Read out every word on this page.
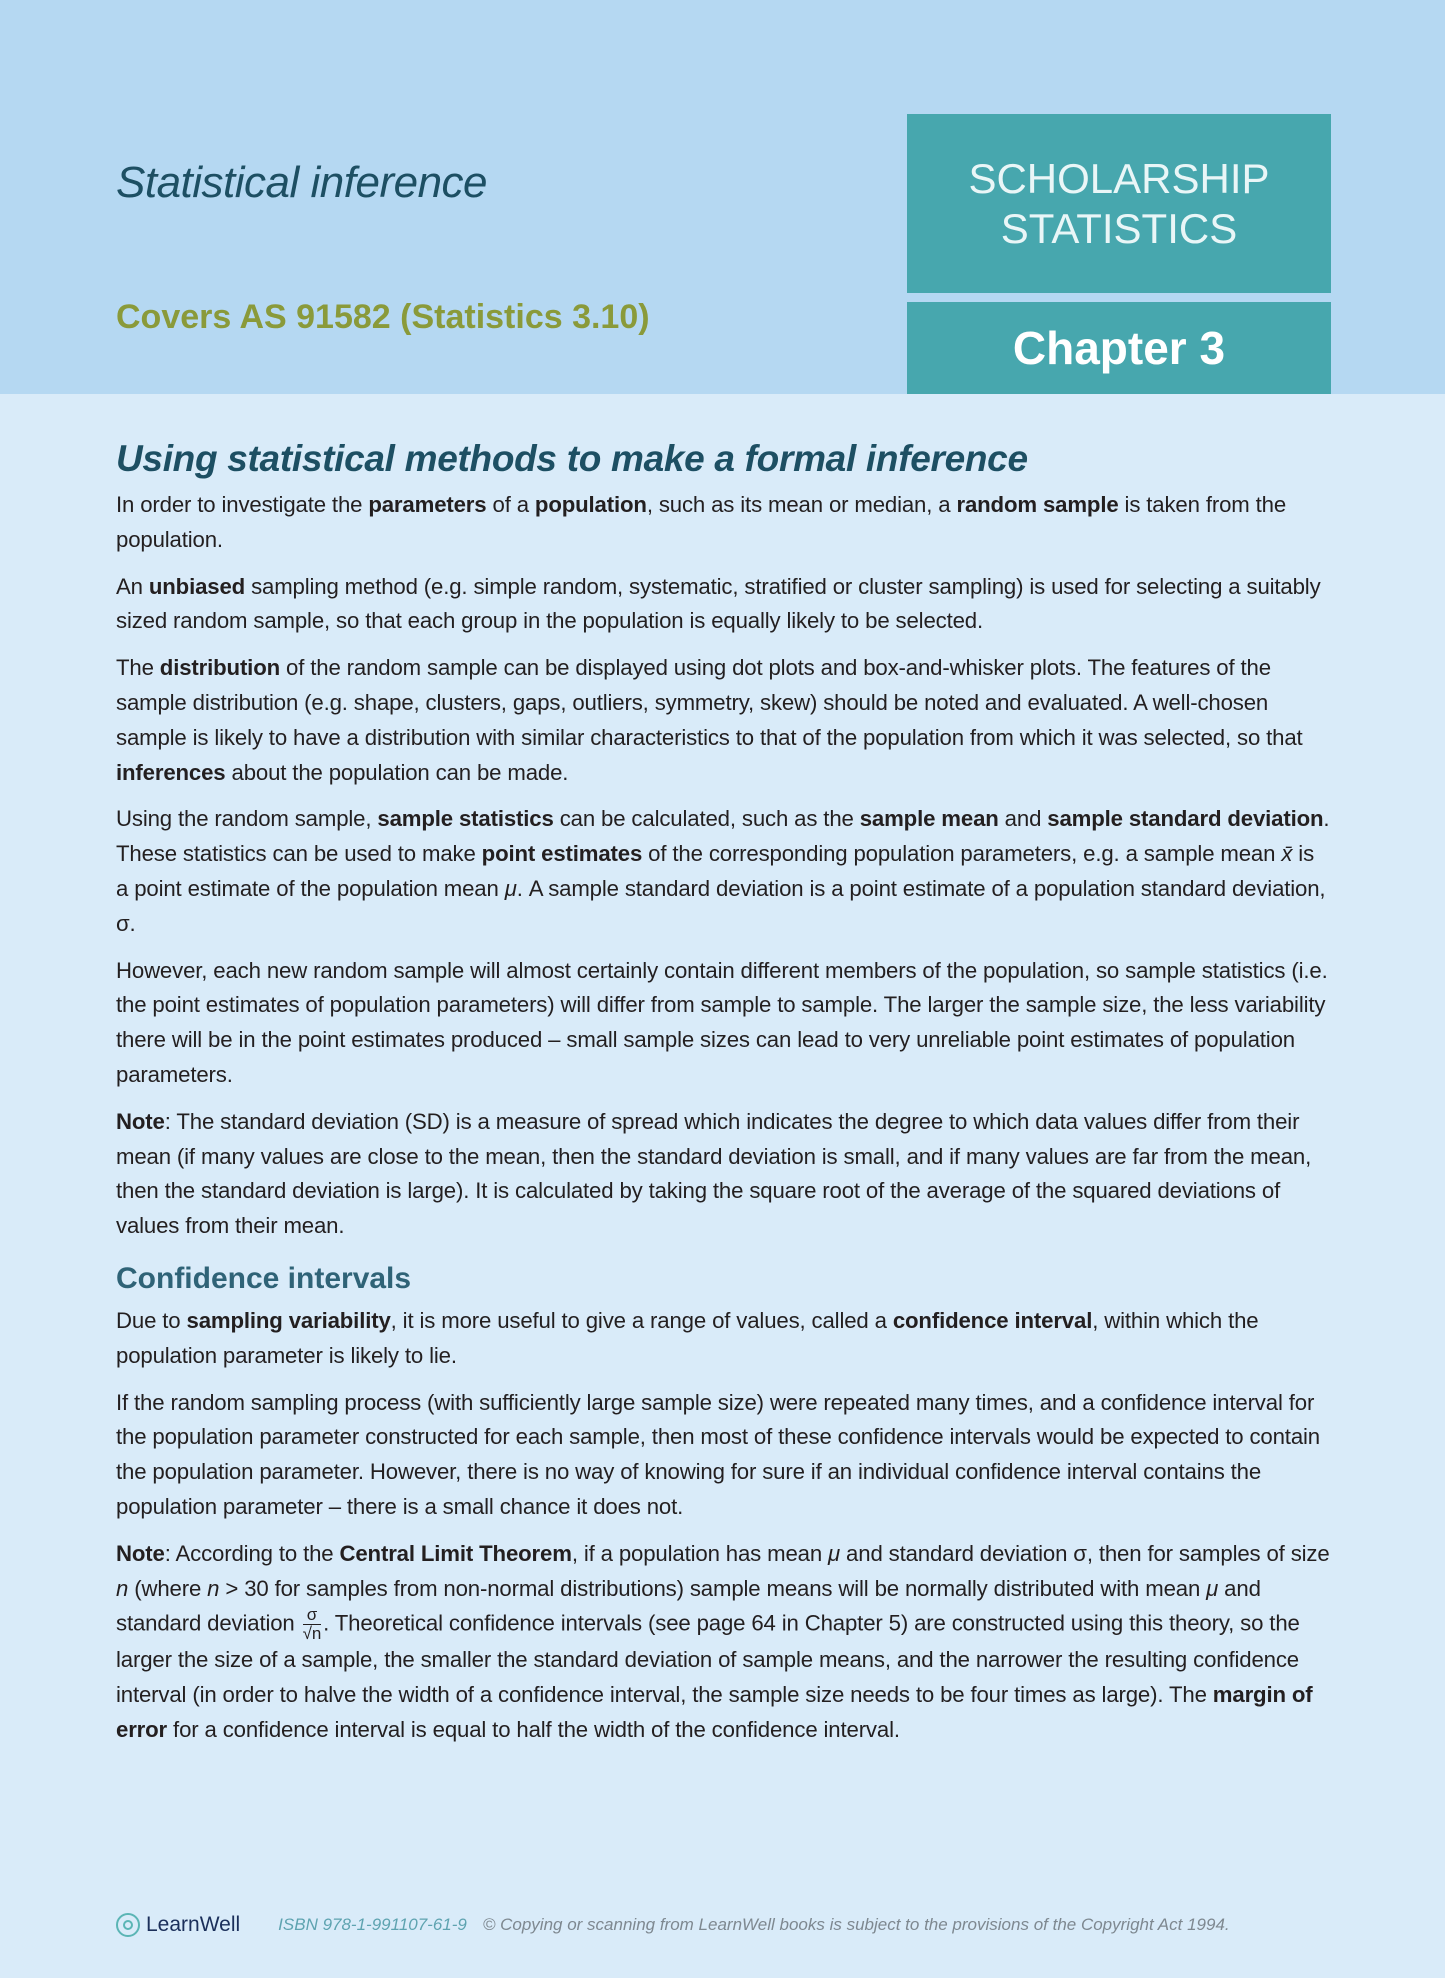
Statistical inference
Covers AS 91582 (Statistics 3.10)
SCHOLARSHIP
STATISTICS
Chapter 3
Using statistical methods to make a formal inference

In order to investigate the parameters of a population, such as its mean or median, a random sample is taken from the population.

An unbiased sampling method (e.g. simple random, systematic, stratified or cluster sampling) is used for selecting a suitably sized random sample, so that each group in the population is equally likely to be selected.

The distribution of the random sample can be displayed using dot plots and box-and-whisker plots. The features of the sample distribution (e.g. shape, clusters, gaps, outliers, symmetry, skew) should be noted and evaluated. A well-chosen sample is likely to have a distribution with similar characteristics to that of the population from which it was selected, so that inferences about the population can be made.

Using the random sample, sample statistics can be calculated, such as the sample mean and sample standard deviation. These statistics can be used to make point estimates of the corresponding population parameters, e.g. a sample mean x̄ is a point estimate of the population mean μ. A sample standard deviation is a point estimate of a population standard deviation, σ.

However, each new random sample will almost certainly contain different members of the population, so sample statistics (i.e. the point estimates of population parameters) will differ from sample to sample. The larger the sample size, the less variability there will be in the point estimates produced – small sample sizes can lead to very unreliable point estimates of population parameters.

Note: The standard deviation (SD) is a measure of spread which indicates the degree to which data values differ from their mean (if many values are close to the mean, then the standard deviation is small, and if many values are far from the mean, then the standard deviation is large). It is calculated by taking the square root of the average of the squared deviations of values from their mean.

Confidence intervals

Due to sampling variability, it is more useful to give a range of values, called a confidence interval, within which the population parameter is likely to lie.

If the random sampling process (with sufficiently large sample size) were repeated many times, and a confidence interval for the population parameter constructed for each sample, then most of these confidence intervals would be expected to contain the population parameter. However, there is no way of knowing for sure if an individual confidence interval contains the population parameter – there is a small chance it does not.

Note: According to the Central Limit Theorem, if a population has mean μ and standard deviation σ, then for samples of size n (where n > 30 for samples from non-normal distributions) sample means will be normally distributed with mean μ and standard deviation $\frac{\sigma}{√n}$ . Theoretical confidence intervals (see page 64 in Chapter 5) are constructed using this theory, so the larger the size of a sample, the smaller the standard deviation of sample means, and the narrower the resulting confidence interval (in order to halve the width of a confidence interval, the sample size needs to be four times as large). The margin of error for a confidence interval is equal to half the width of the confidence interval.

LearnWell ISBN 978-1-991107-61-9 © Copying or scanning from LearnWell books is subject to the provisions of the Copyright Act 1994.
